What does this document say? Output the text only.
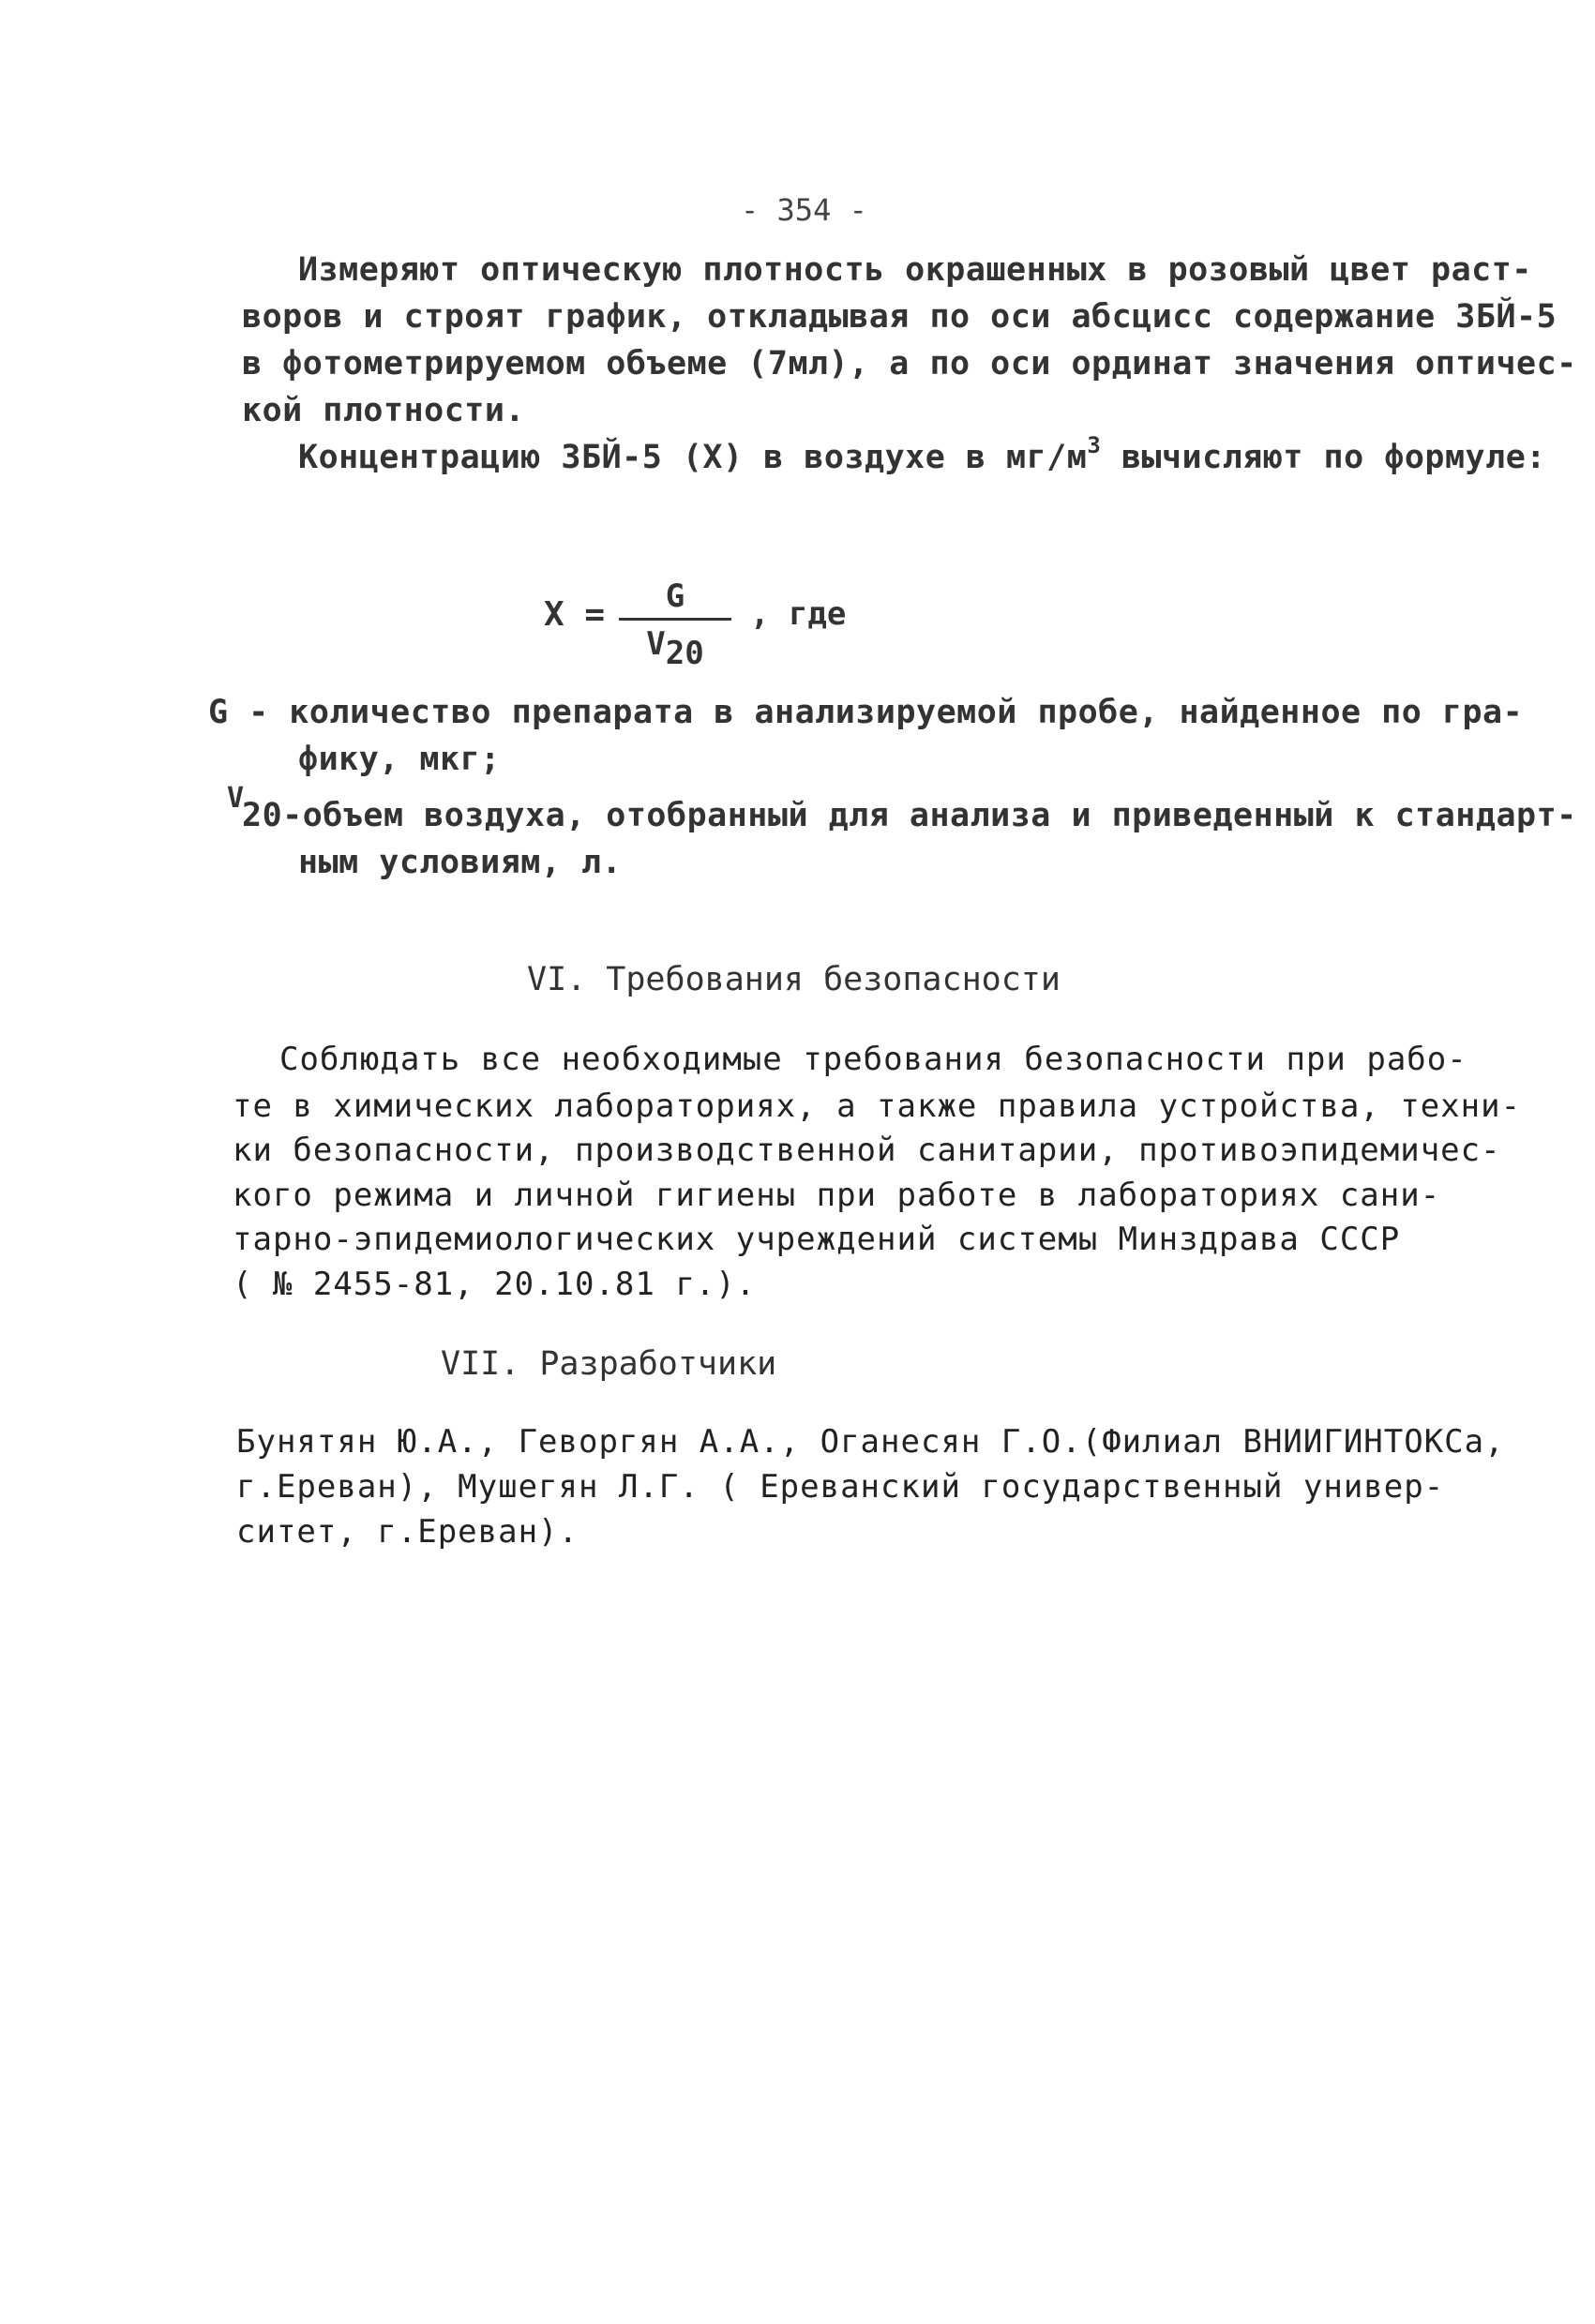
- 354 -
Измеряют оптическую плотность окрашенных в розовый цвет раст-
воров и строят график, откладывая по оси абсцисс содержание ЗБЙ-5
в фотометрируемом объеме (7мл), а по оси ординат значения оптичес-
кой плотности.
Концентрацию ЗБЙ-5 (X) в воздухе в $мг/м^3$ вычисляют по формуле:
X =	G
$V_{20}$
, где
G - количество препарата в анализируемой пробе, найденное по гра-
фику, мкг;
V
20-объем воздуха, отобранный для анализа и приведенный к стандарт-
ным условиям, л.
VI. Требования безопасности
Соблюдать все необходимые требования безопасности при рабо-
те в химических лабораториях, а также правила устройства, техни-
ки безопасности, производственной санитарии, противоэпидемичес-
кого режима и личной гигиены при работе в лабораториях сани-
тарно-эпидемиологических учреждений системы Минздрава СССР
( № 2455-81, 20.10.81 г.).
VII. Разработчики
Бунятян Ю.А., Геворгян А.А., Оганесян Г.О.(Филиал ВНИИГИНТОКСа,
г.Ереван), Мушегян Л.Г. ( Ереванский государственный универ-
ситет, г.Ереван).
